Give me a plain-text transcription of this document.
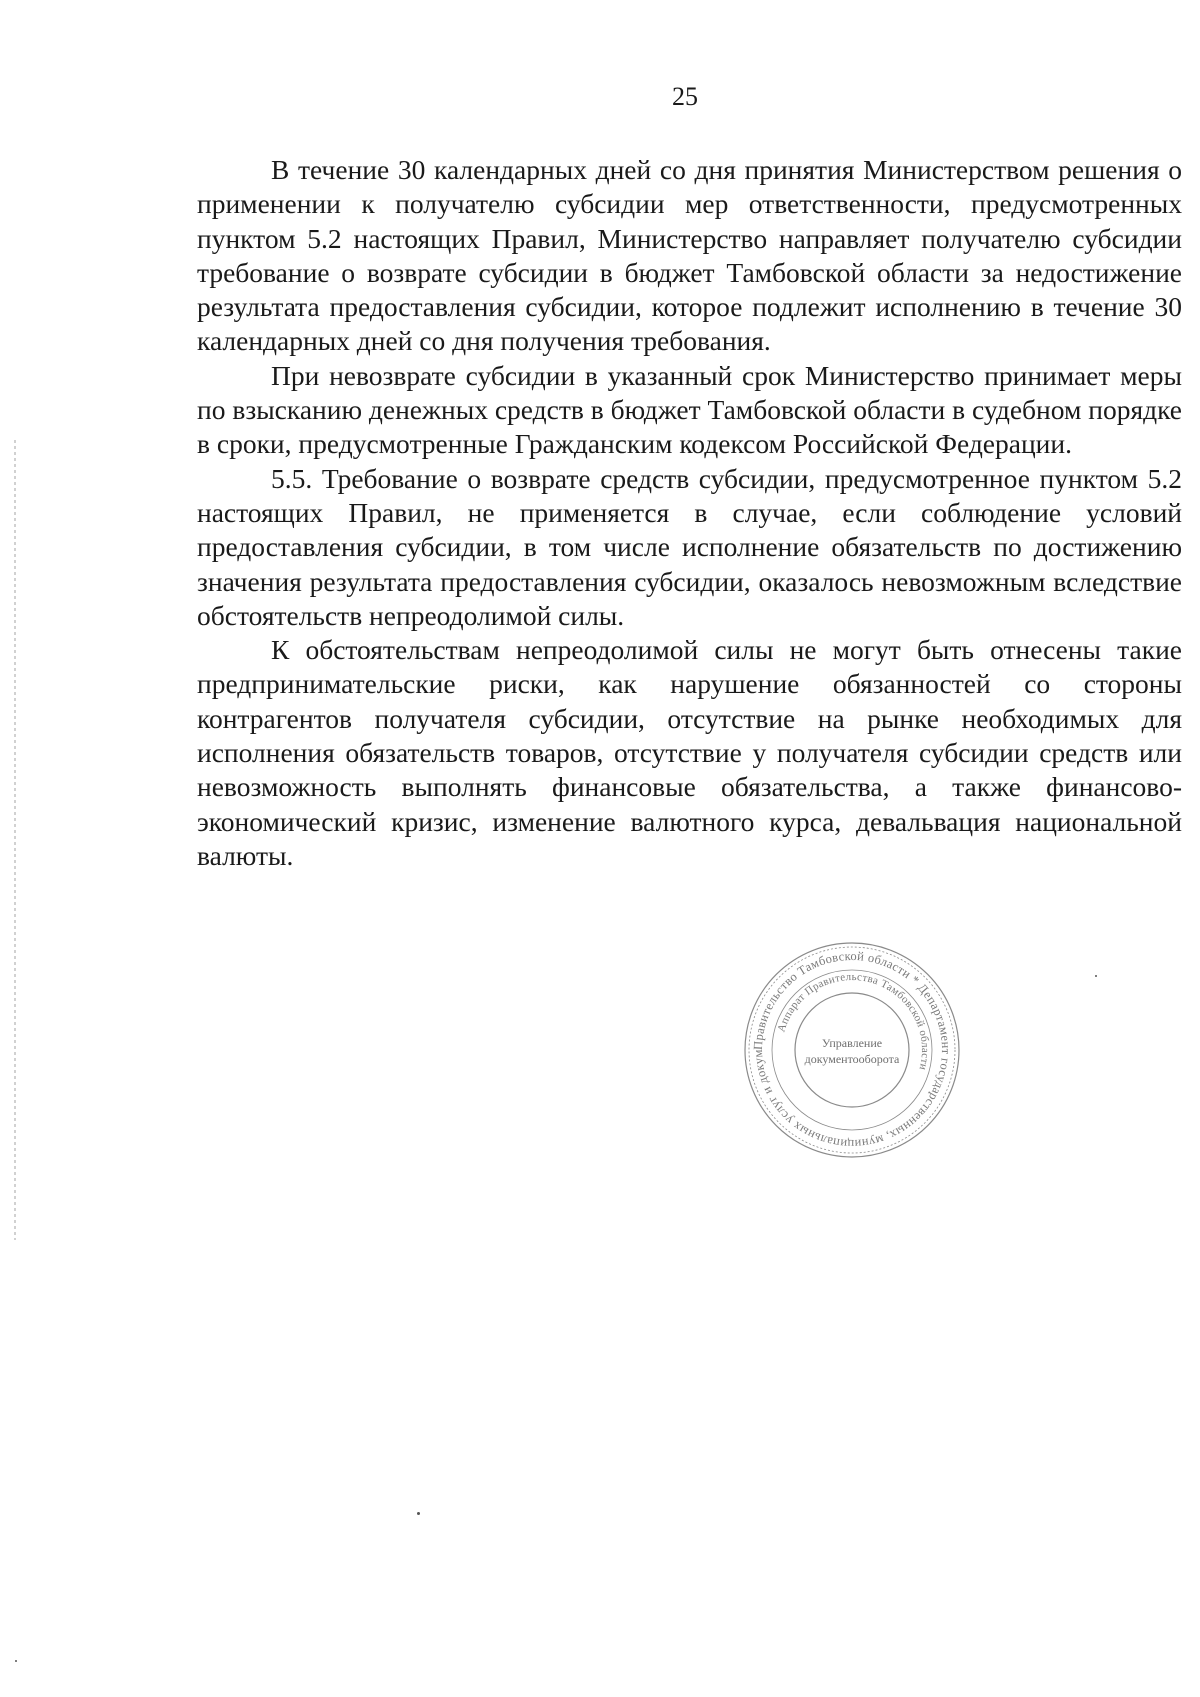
25

В течение 30 календарных дней со дня принятия Министерством решения о применении к получателю субсидии мер ответственности, предусмотренных пунктом 5.2 настоящих Правил, Министерство направляет получателю субсидии требование о возврате субсидии в бюджет Тамбовской области за недостижение результата предоставления субсидии, которое подлежит исполнению в течение 30 календарных дней со дня получения требования.

При невозврате субсидии в указанный срок Министерство принимает меры по взысканию денежных средств в бюджет Тамбовской области в судебном порядке в сроки, предусмотренные Гражданским кодексом Российской Федерации.

5.5. Требование о возврате средств субсидии, предусмотренное пунктом 5.2 настоящих Правил, не применяется в случае, если соблюдение условий предоставления субсидии, в том числе исполнение обязательств по достижению значения результата предоставления субсидии, оказалось невозможным вследствие обстоятельств непреодолимой силы.

К обстоятельствам непреодолимой силы не могут быть отнесены такие предпринимательские риски, как нарушение обязанностей со стороны контрагентов получателя субсидии, отсутствие на рынке необходимых для исполнения обязательств товаров, отсутствие у получателя субсидии средств или невозможность выполнять финансовые обязательства, а также финансово-экономический кризис, изменение валютного курса, девальвация национальной валюты.

Правительство Тамбовской области * Департамент государственных, муниципальных услуг и докум
Аппарат Правительства Тамбовской области
Управление
документооборота
